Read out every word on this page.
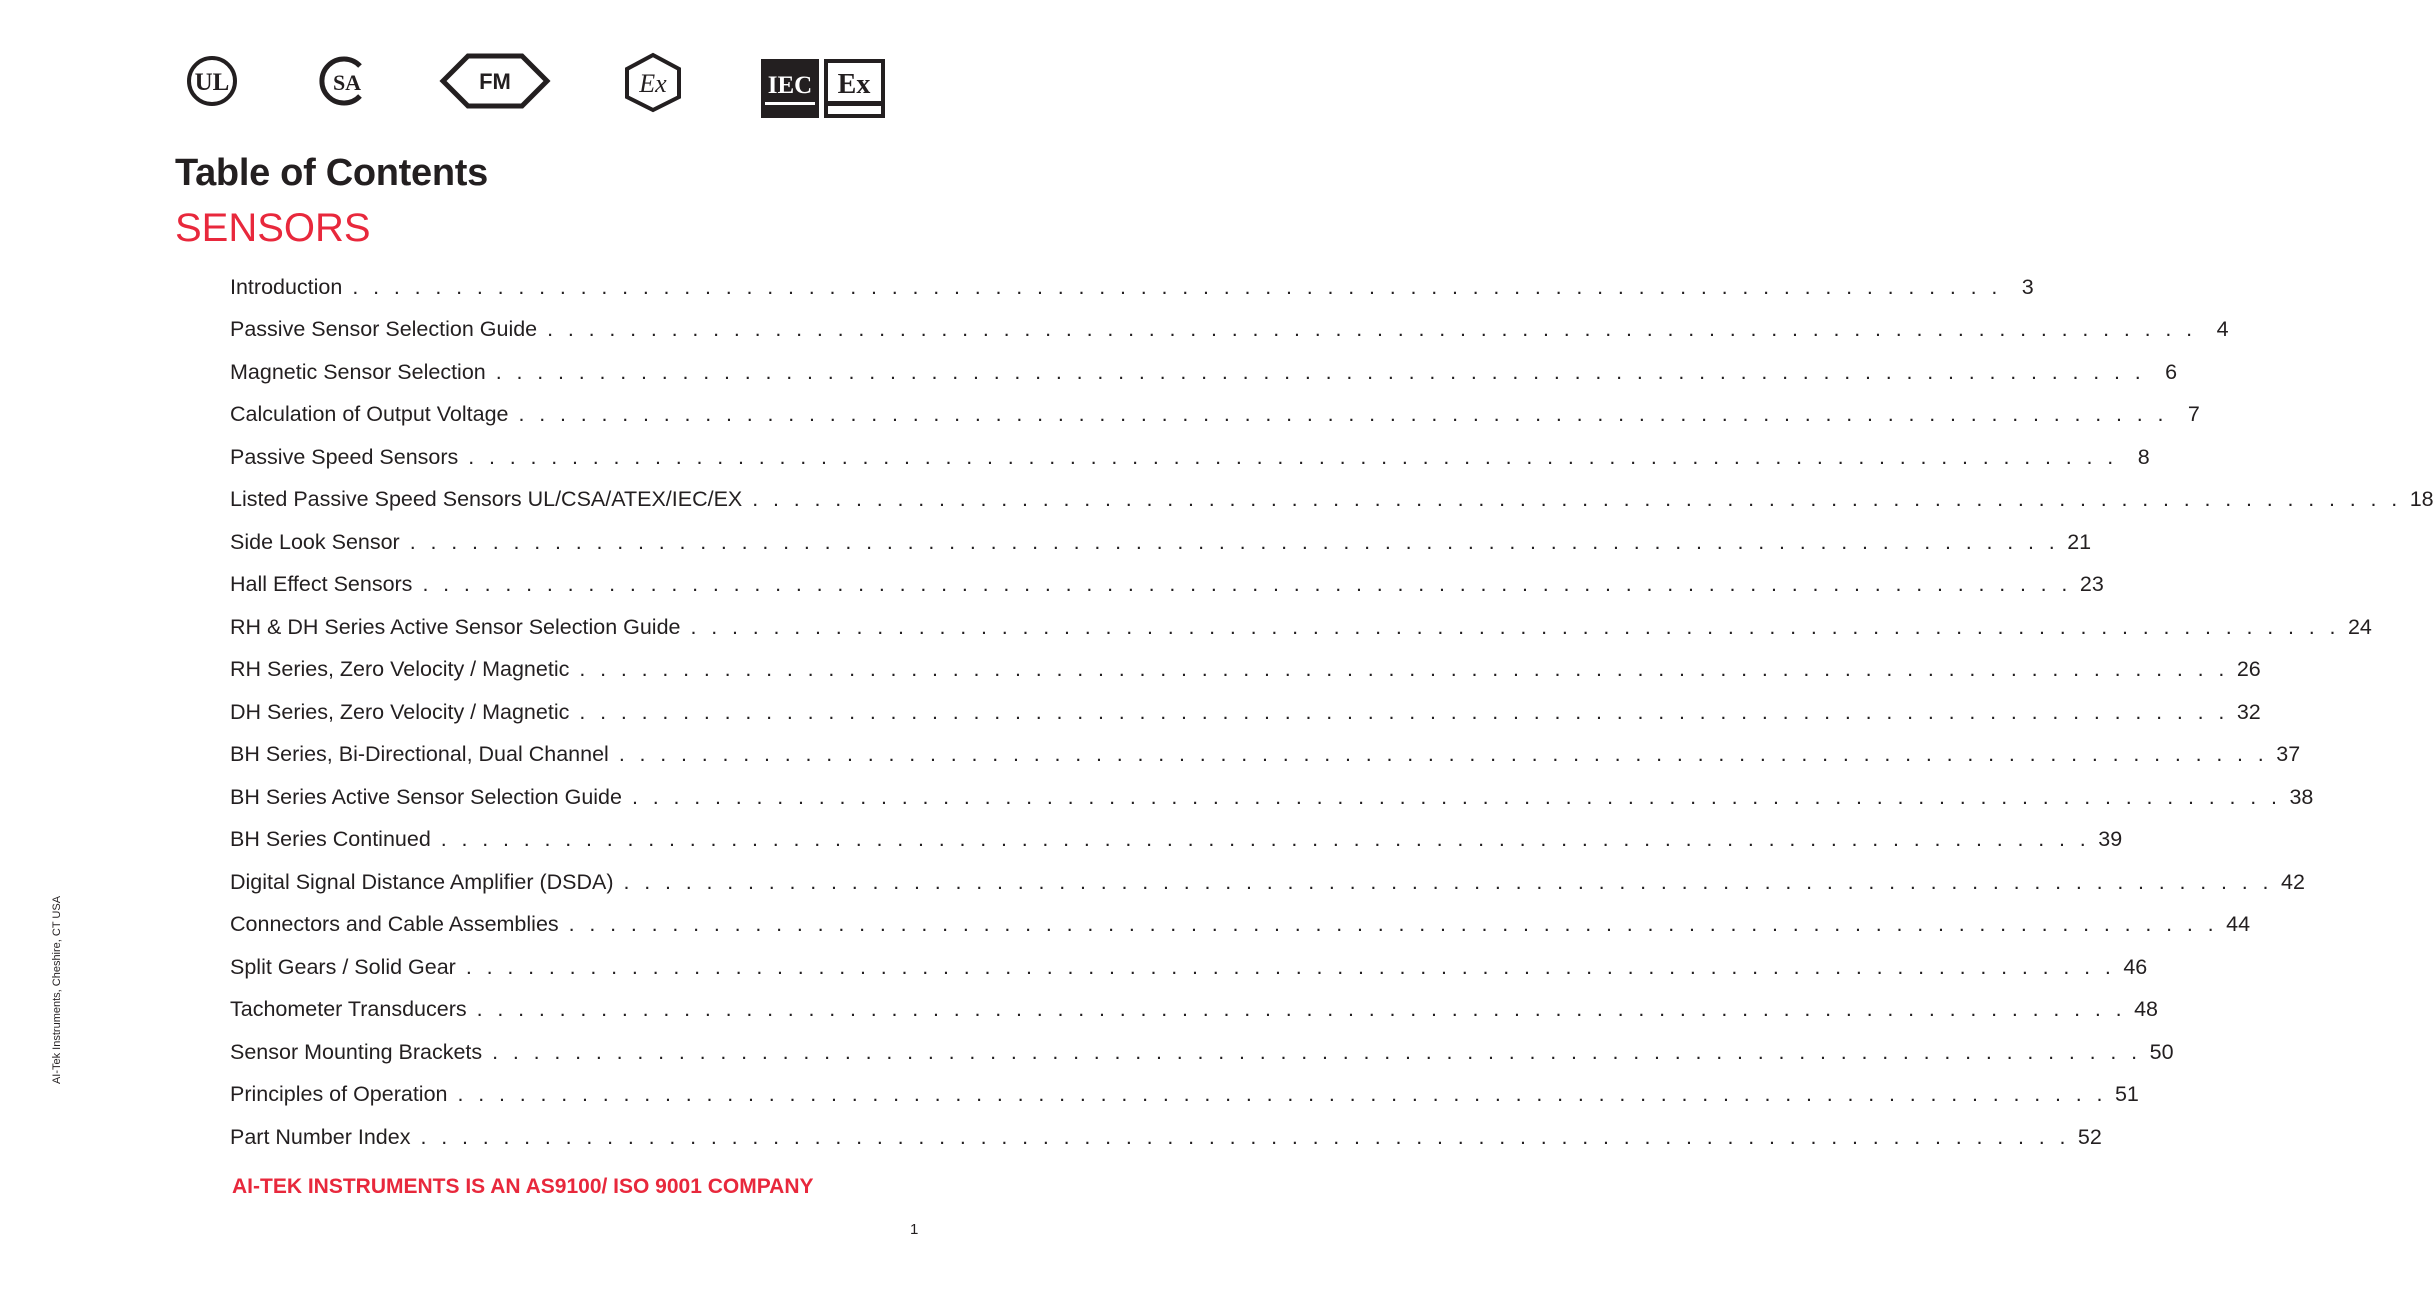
UL	SA	FM	Ex	IEC Ex
Table of Contents
SENSORS
Introduction . . . . . . . . . . . . . . . . . . . . . . . . . . . . . . . . . . . . . . . . . . . . . . . . . . . . . . . . . . . . . . . . . . . . . . . . . . . . . . . . 3
Passive Sensor Selection Guide . . . . . . . . . . . . . . . . . . . . . . . . . . . . . . . . . . . . . . . . . . . . . . . . . . . . . . . . . . . . . . . . . . . . . . . . . . . . . . . . 4
Magnetic Sensor Selection . . . . . . . . . . . . . . . . . . . . . . . . . . . . . . . . . . . . . . . . . . . . . . . . . . . . . . . . . . . . . . . . . . . . . . . . . . . . . . . . 6
Calculation of Output Voltage . . . . . . . . . . . . . . . . . . . . . . . . . . . . . . . . . . . . . . . . . . . . . . . . . . . . . . . . . . . . . . . . . . . . . . . . . . . . . . . . 7
Passive Speed Sensors . . . . . . . . . . . . . . . . . . . . . . . . . . . . . . . . . . . . . . . . . . . . . . . . . . . . . . . . . . . . . . . . . . . . . . . . . . . . . . . . 8
Listed Passive Speed Sensors UL/CSA/ATEX/IEC/EX . . . . . . . . . . . . . . . . . . . . . . . . . . . . . . . . . . . . . . . . . . . . . . . . . . . . . . . . . . . . . . . . . . . . . . . . . . . . . . . . 18
Side Look Sensor . . . . . . . . . . . . . . . . . . . . . . . . . . . . . . . . . . . . . . . . . . . . . . . . . . . . . . . . . . . . . . . . . . . . . . . . . . . . . . . . 21
Hall Effect Sensors . . . . . . . . . . . . . . . . . . . . . . . . . . . . . . . . . . . . . . . . . . . . . . . . . . . . . . . . . . . . . . . . . . . . . . . . . . . . . . . . 23
RH & DH Series Active Sensor Selection Guide . . . . . . . . . . . . . . . . . . . . . . . . . . . . . . . . . . . . . . . . . . . . . . . . . . . . . . . . . . . . . . . . . . . . . . . . . . . . . . . . 24
RH Series, Zero Velocity / Magnetic . . . . . . . . . . . . . . . . . . . . . . . . . . . . . . . . . . . . . . . . . . . . . . . . . . . . . . . . . . . . . . . . . . . . . . . . . . . . . . . . 26
DH Series, Zero Velocity / Magnetic . . . . . . . . . . . . . . . . . . . . . . . . . . . . . . . . . . . . . . . . . . . . . . . . . . . . . . . . . . . . . . . . . . . . . . . . . . . . . . . . 32
BH Series, Bi-Directional, Dual Channel . . . . . . . . . . . . . . . . . . . . . . . . . . . . . . . . . . . . . . . . . . . . . . . . . . . . . . . . . . . . . . . . . . . . . . . . . . . . . . . . 37
BH Series Active Sensor Selection Guide . . . . . . . . . . . . . . . . . . . . . . . . . . . . . . . . . . . . . . . . . . . . . . . . . . . . . . . . . . . . . . . . . . . . . . . . . . . . . . . . 38
BH Series Continued . . . . . . . . . . . . . . . . . . . . . . . . . . . . . . . . . . . . . . . . . . . . . . . . . . . . . . . . . . . . . . . . . . . . . . . . . . . . . . . . 39
Digital Signal Distance Amplifier (DSDA) . . . . . . . . . . . . . . . . . . . . . . . . . . . . . . . . . . . . . . . . . . . . . . . . . . . . . . . . . . . . . . . . . . . . . . . . . . . . . . . . 42
Connectors and Cable Assemblies . . . . . . . . . . . . . . . . . . . . . . . . . . . . . . . . . . . . . . . . . . . . . . . . . . . . . . . . . . . . . . . . . . . . . . . . . . . . . . . . 44
Split Gears / Solid Gear . . . . . . . . . . . . . . . . . . . . . . . . . . . . . . . . . . . . . . . . . . . . . . . . . . . . . . . . . . . . . . . . . . . . . . . . . . . . . . . . 46
Tachometer Transducers . . . . . . . . . . . . . . . . . . . . . . . . . . . . . . . . . . . . . . . . . . . . . . . . . . . . . . . . . . . . . . . . . . . . . . . . . . . . . . . . 48
Sensor Mounting Brackets . . . . . . . . . . . . . . . . . . . . . . . . . . . . . . . . . . . . . . . . . . . . . . . . . . . . . . . . . . . . . . . . . . . . . . . . . . . . . . . . 50
Principles of Operation . . . . . . . . . . . . . . . . . . . . . . . . . . . . . . . . . . . . . . . . . . . . . . . . . . . . . . . . . . . . . . . . . . . . . . . . . . . . . . . . 51
Part Number Index . . . . . . . . . . . . . . . . . . . . . . . . . . . . . . . . . . . . . . . . . . . . . . . . . . . . . . . . . . . . . . . . . . . . . . . . . . . . . . . . 52
AI-TEK INSTRUMENTS IS AN AS9100/ ISO 9001 COMPANY
1
AI-Tek Instruments, Cheshire, CT USA
